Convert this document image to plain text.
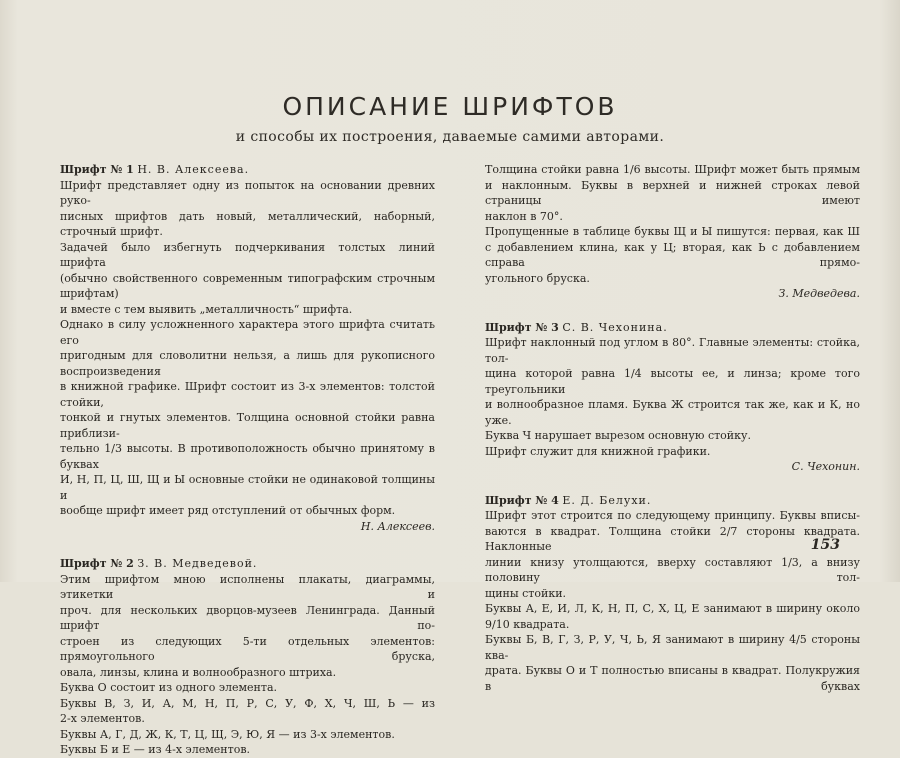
ОПИСАНИЕ ШРИФТОВ
и способы их построения, даваемые самими авторами.

Шрифт № 1 Н. В. Алексеева.

Шрифт представляет одну из попыток на основании древних руко-
писных шрифтов дать новый, металлический, наборный, строчный шрифт.
Задачей было избегнуть подчеркивания толстых линий шрифта
(обычно свойственного современным типографским строчным шрифтам)
и вместе с тем выявить „металличность“ шрифта.
Однако в силу усложненного характера этого шрифта считать его
пригодным для словолитни нельзя, а лишь для рукописного воспроизведения
в книжной графике. Шрифт состоит из 3-х элементов: толстой стойки,
тонкой и гнутых элементов. Толщина основной стойки равна приблизи-
тельно 1/3 высоты. В противоположность обычно принятому в буквах
И, Н, П, Ц, Ш, Щ и Ы основные стойки не одинаковой толщины и
вообще шрифт имеет ряд отступлений от обычных форм.

Н. Алексеев.

Шрифт № 2 З. В. Медведевой.

Этим шрифтом мною исполнены плакаты, диаграммы, этикетки и
проч. для нескольких дворцов-музеев Ленинграда. Данный шрифт по-
строен из следующих 5-ти отдельных элементов: прямоугольного бруска,
овала, линзы, клина и волнообразного штриха.
Буква О состоит из одного элемента.
Буквы В, З, И, А, М, Н, П, Р, С, У, Ф, Х, Ч, Ш, Ь — из
2-х элементов.
Буквы А, Г, Д, Ж, К, Т, Ц, Щ, Э, Ю, Я — из 3-х элементов.
Буквы Б и Е — из 4-х элементов.
Толщина стойки равна 1/6 высоты. Шрифт может быть прямым
и наклонным. Буквы в верхней и нижней строках левой страницы имеют
наклон в 70°.
Пропущенные в таблице буквы Щ и Ы пишутся: первая, как Ш
с добавлением клина, как у Ц; вторая, как Ь с добавлением справа прямо-
угольного бруска.

З. Медведева.

Шрифт № 3 С. В. Чехонина.

Шрифт наклонный под углом в 80°. Главные элементы: стойка, тол-
щина которой равна 1/4 высоты ее, и линза; кроме того треугольники
и волнообразное пламя. Буква Ж строится так же, как и К, но уже.
Буква Ч нарушает вырезом основную стойку.
Шрифт служит для книжной графики.

С. Чехонин.

Шрифт № 4 Е. Д. Белухи.

Шрифт этот строится по следующему принципу. Буквы вписы-
ваются в квадрат. Толщина стойки 2/7 стороны квадрата. Наклонные
линии книзу утолщаются, вверху составляют 1/3, а внизу половину тол-
щины стойки.
Буквы А, Е, И, Л, К, Н, П, С, Х, Ц, Е занимают в ширину около
9/10 квадрата.
Буквы Б, В, Г, З, Р, У, Ч, Ь, Я занимают в ширину 4/5 стороны ква-
драта. Буквы О и Т полностью вписаны в квадрат. Полукружия в буквах
153
